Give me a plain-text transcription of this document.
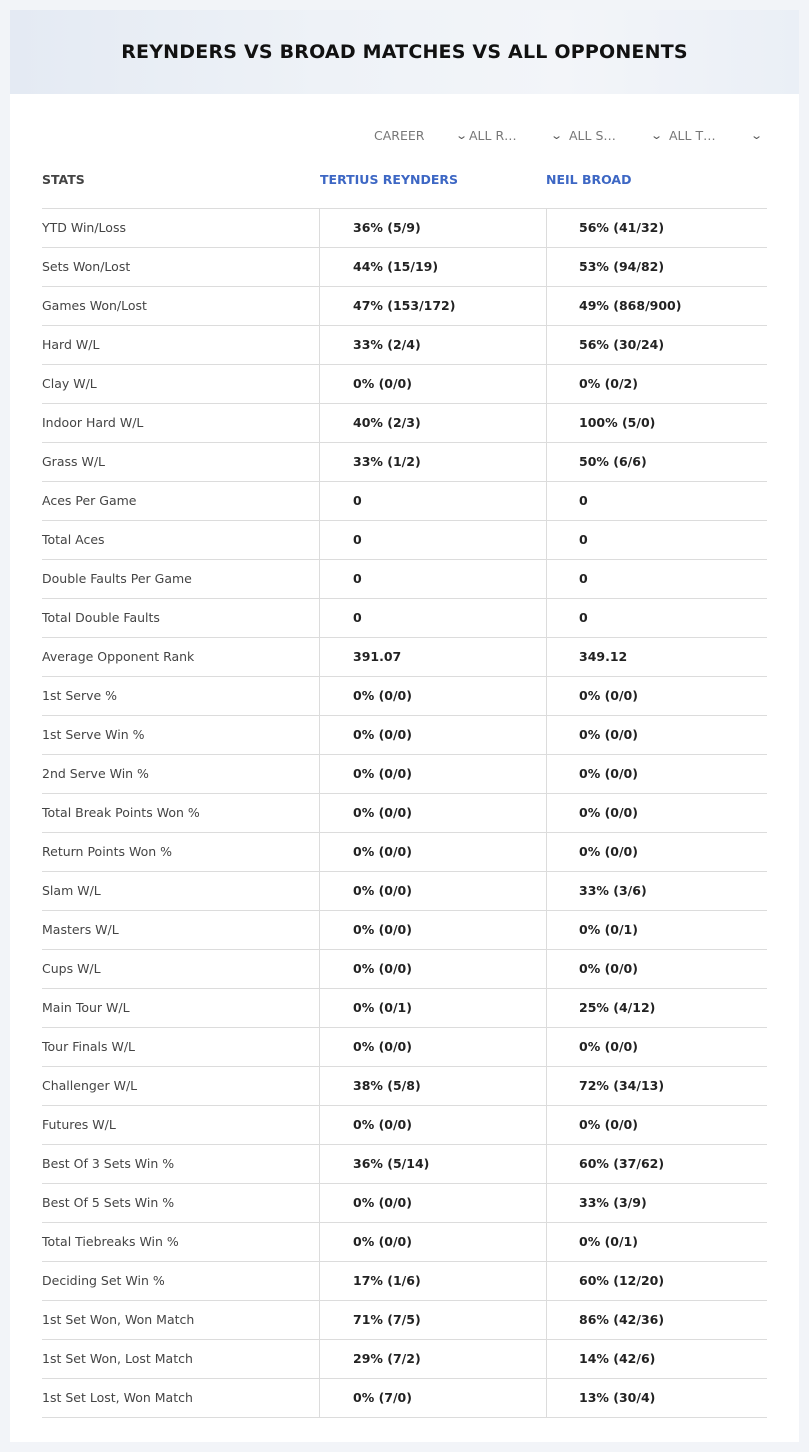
REYNDERS VS BROAD MATCHES VS ALL OPPONENTS
CAREER	⌄ ALL R…	⌄ ALL S…	⌄ ALL T…	⌄
STATS	TERTIUS REYNDERS	NEIL BROAD
YTD Win/Loss	36% (5/9)	56% (41/32)
Sets Won/Lost	44% (15/19)	53% (94/82)
Games Won/Lost	47% (153/172)	49% (868/900)
Hard W/L	33% (2/4)	56% (30/24)
Clay W/L	0% (0/0)	0% (0/2)
Indoor Hard W/L	40% (2/3)	100% (5/0)
Grass W/L	33% (1/2)	50% (6/6)
Aces Per Game	0	0
Total Aces	0	0
Double Faults Per Game	0	0
Total Double Faults	0	0
Average Opponent Rank	391.07	349.12
1st Serve %	0% (0/0)	0% (0/0)
1st Serve Win %	0% (0/0)	0% (0/0)
2nd Serve Win %	0% (0/0)	0% (0/0)
Total Break Points Won %	0% (0/0)	0% (0/0)
Return Points Won %	0% (0/0)	0% (0/0)
Slam W/L	0% (0/0)	33% (3/6)
Masters W/L	0% (0/0)	0% (0/1)
Cups W/L	0% (0/0)	0% (0/0)
Main Tour W/L	0% (0/1)	25% (4/12)
Tour Finals W/L	0% (0/0)	0% (0/0)
Challenger W/L	38% (5/8)	72% (34/13)
Futures W/L	0% (0/0)	0% (0/0)
Best Of 3 Sets Win %	36% (5/14)	60% (37/62)
Best Of 5 Sets Win %	0% (0/0)	33% (3/9)
Total Tiebreaks Win %	0% (0/0)	0% (0/1)
Deciding Set Win %	17% (1/6)	60% (12/20)
1st Set Won, Won Match	71% (7/5)	86% (42/36)
1st Set Won, Lost Match	29% (7/2)	14% (42/6)
1st Set Lost, Won Match	0% (7/0)	13% (30/4)
